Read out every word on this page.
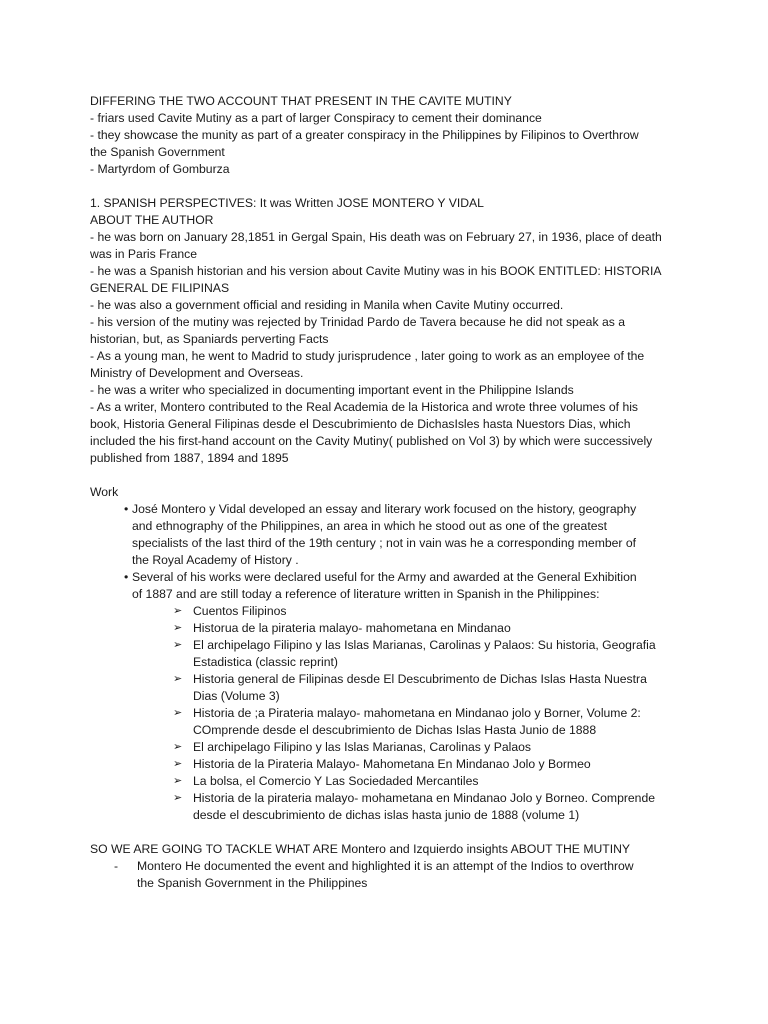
DIFFERING THE TWO ACCOUNT THAT PRESENT IN THE CAVITE MUTINY
- friars used Cavite Mutiny as a part of larger Conspiracy to cement their dominance
- they showcase the munity as part of a greater conspiracy in the Philippines by Filipinos to Overthrow
the Spanish Government
- Martyrdom of Gomburza
1. SPANISH PERSPECTIVES: It was Written JOSE MONTERO Y VIDAL
ABOUT THE AUTHOR
- he was born on January 28,1851 in Gergal Spain, His death was on February 27, in 1936, place of death
was in Paris France
- he was a Spanish historian and his version about Cavite Mutiny was in his BOOK ENTITLED: HISTORIA
GENERAL DE FILIPINAS
- he was also a government official and residing in Manila when Cavite Mutiny occurred.
- his version of the mutiny was rejected by Trinidad Pardo de Tavera because he did not speak as a
historian, but, as Spaniards perverting Facts
- As a young man, he went to Madrid to study jurisprudence , later going to work as an employee of the
Ministry of Development and Overseas.
- he was a writer who specialized in documenting important event in the Philippine Islands
- As a writer, Montero contributed to the Real Academia de la Historica and wrote three volumes of his
book, Historia General Filipinas desde el Descubrimiento de DichasIsles hasta Nuestors Dias, which
included the his first-hand account on the Cavity Mutiny( published on Vol 3) by which were successively
published from 1887, 1894 and 1895
Work
• José Montero y Vidal developed an essay and literary work focused on the history, geography
and ethnography of the Philippines, an area in which he stood out as one of the greatest
specialists of the last third of the 19th century ; not in vain was he a corresponding member of
the Royal Academy of History .
• Several of his works were declared useful for the Army and awarded at the General Exhibition
of 1887 and are still today a reference of literature written in Spanish in the Philippines:
➢ Cuentos Filipinos
➢ Historua de la pirateria malayo- mahometana en Mindanao
➢ El archipelago Filipino y las Islas Marianas, Carolinas y Palaos: Su historia, Geografia
Estadistica (classic reprint)
➢ Historia general de Filipinas desde El Descubrimento de Dichas Islas Hasta Nuestra
Dias (Volume 3)
➢ Historia de ;a Pirateria malayo- mahometana en Mindanao jolo y Borner, Volume 2:
COmprende desde el descubrimiento de Dichas Islas Hasta Junio de 1888
➢ El archipelago Filipino y las Islas Marianas, Carolinas y Palaos
➢ Historia de la Pirateria Malayo- Mahometana En Mindanao Jolo y Bormeo
➢ La bolsa, el Comercio Y Las Sociedaded Mercantiles
➢ Historia de la pirateria malayo- mohametana en Mindanao Jolo y Borneo. Comprende
desde el descubrimiento de dichas islas hasta junio de 1888 (volume 1)
SO WE ARE GOING TO TACKLE WHAT ARE Montero and Izquierdo insights ABOUT THE MUTINY
- Montero He documented the event and highlighted it is an attempt of the Indios to overthrow
the Spanish Government in the Philippines
